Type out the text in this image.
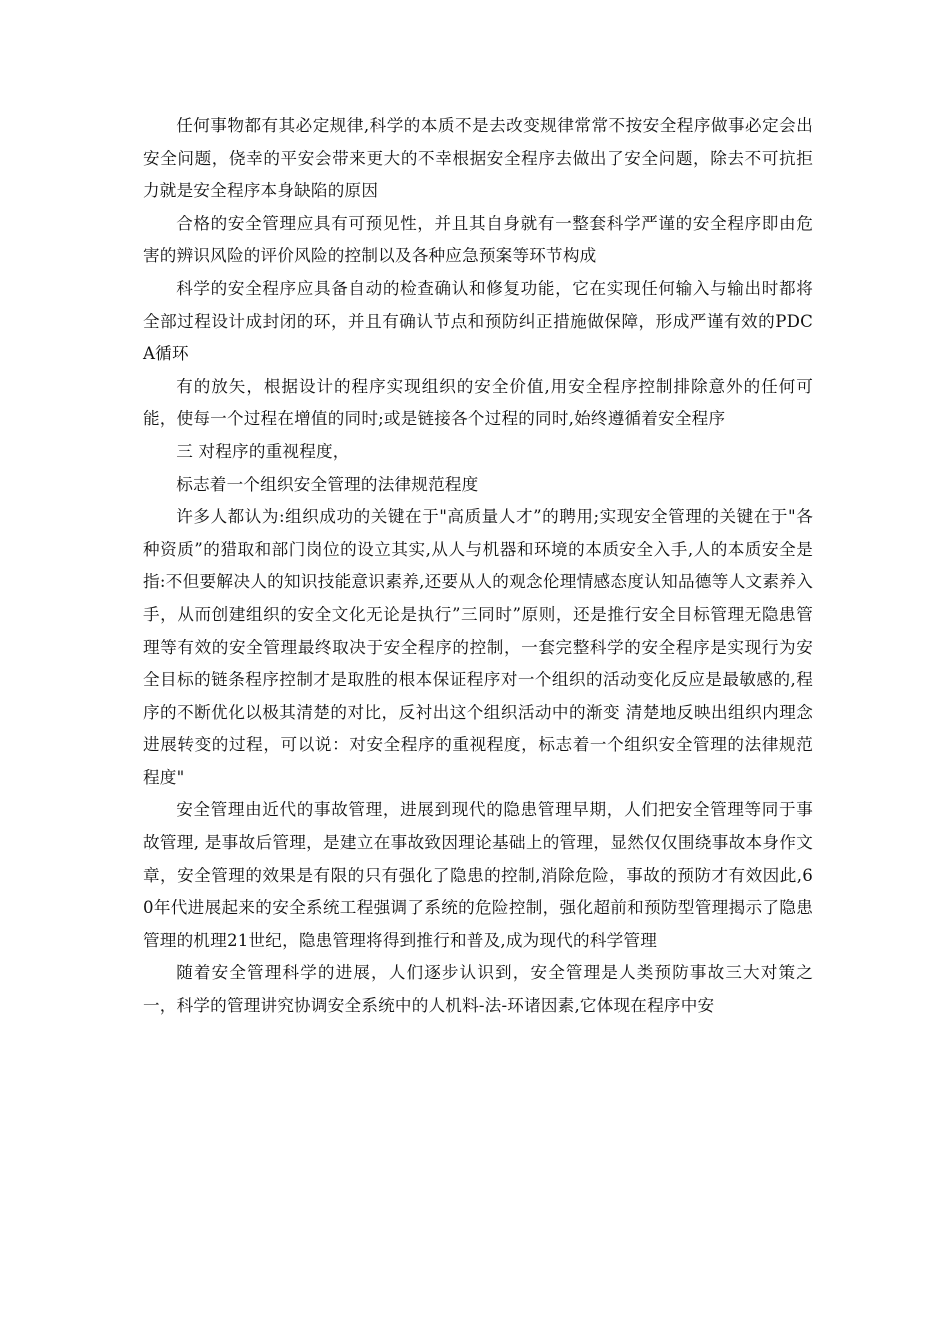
任何事物都有其必定规律,科学的本质不是去改变规律常常不按安全程序做事必定会出安全问题，侥幸的平安会带来更大的不幸根据安全程序去做出了安全问题，除去不可抗拒力就是安全程序本身缺陷的原因

合格的安全管理应具有可预见性，并且其自身就有一整套科学严谨的安全程序即由危害的辨识风险的评价风险的控制以及各种应急预案等环节构成

科学的安全程序应具备自动的检查确认和修复功能，它在实现任何输入与输出时都将全部过程设计成封闭的环，并且有确认节点和预防纠正措施做保障，形成严谨有效的PDCA循环

有的放矢，根据设计的程序实现组织的安全价值,用安全程序控制排除意外的任何可能，使每一个过程在增值的同时;或是链接各个过程的同时,始终遵循着安全程序

三 对程序的重视程度，

标志着一个组织安全管理的法律规范程度

许多人都认为:组织成功的关键在于"高质量人才”的聘用;实现安全管理的关键在于"各种资质”的猎取和部门岗位的设立其实,从人与机器和环境的本质安全入手,人的本质安全是指:不但要解决人的知识技能意识素养,还要从人的观念伦理情感态度认知品德等人文素养入手，从而创建组织的安全文化无论是执行”三同时”原则，还是推行安全目标管理无隐患管理等有效的安全管理最终取决于安全程序的控制，一套完整科学的安全程序是实现行为安全目标的链条程序控制才是取胜的根本保证程序对一个组织的活动变化反应是最敏感的,程序的不断优化以极其清楚的对比，反衬出这个组织活动中的渐变 清楚地反映出组织内理念进展转变的过程，可以说：对安全程序的重视程度，标志着一个组织安全管理的法律规范程度"

安全管理由近代的事故管理，进展到现代的隐患管理早期，人们把安全管理等同于事故管理, 是事故后管理，是建立在事故致因理论基础上的管理，显然仅仅围绕事故本身作文章，安全管理的效果是有限的只有强化了隐患的控制,消除危险，事故的预防才有效因此,60年代进展起来的安全系统工程强调了系统的危险控制，强化超前和预防型管理揭示了隐患管理的机理21世纪，隐患管理将得到推行和普及,成为现代的科学管理

随着安全管理科学的进展，人们逐步认识到，安全管理是人类预防事故三大对策之一，科学的管理讲究协调安全系统中的人机料-法-环诸因素,它体现在程序中安
